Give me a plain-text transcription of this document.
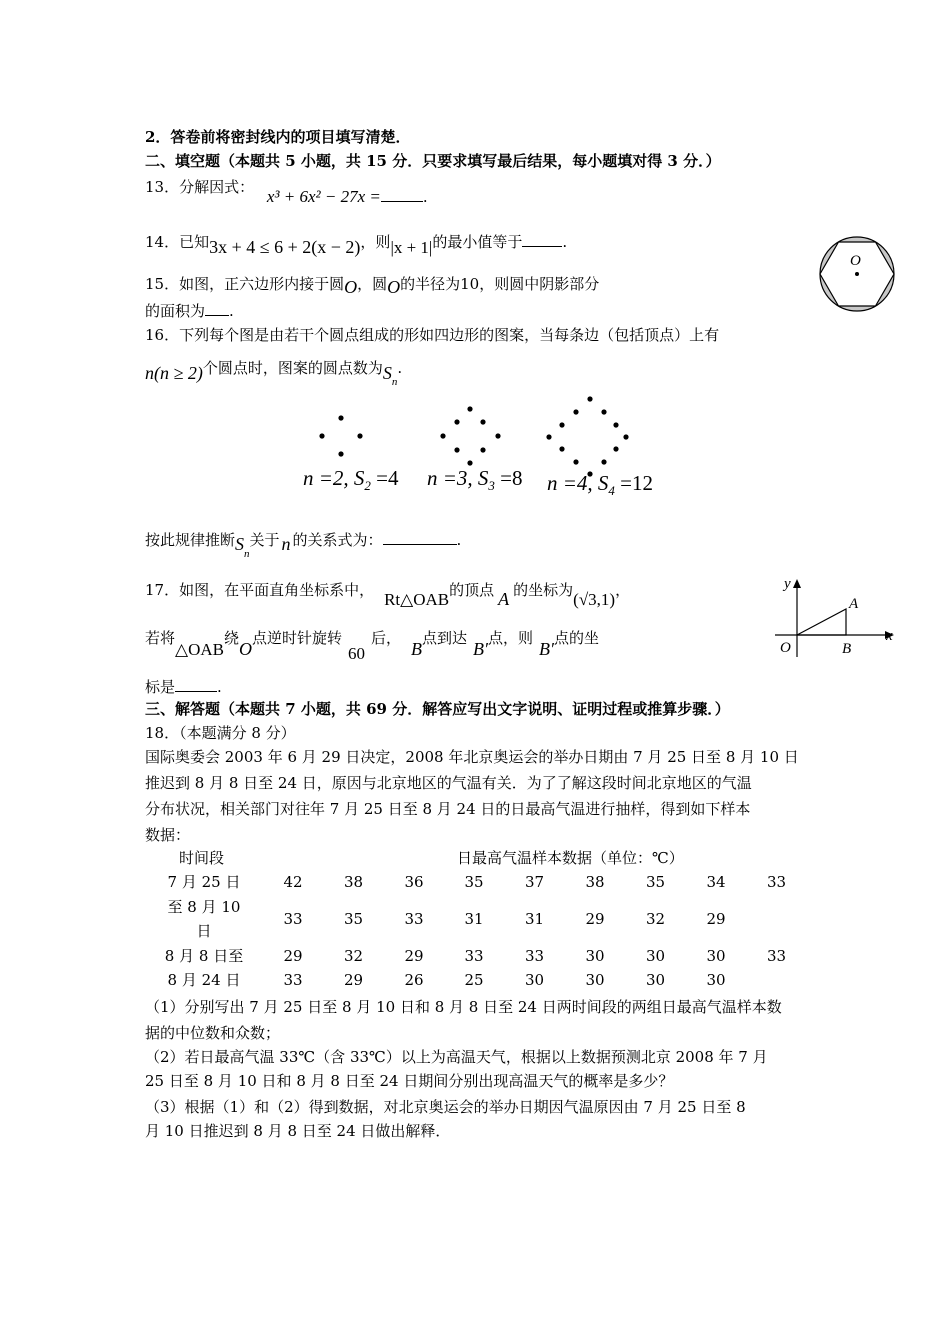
2．答卷前将密封线内的项目填写清楚．
二、填空题（本题共 5 小题，共 15 分．只要求填写最后结果，每小题填对得 3 分．）
13．分解因式： x³ + 6x² − 27x =	.
14．已知3x + 4 ≤ 6 + 2(x − 2)，则|x + 1|的最小值等于	.
15．如图，正六边形内接于圆O，圆O的半径为10，则圆中阴影部分
的面积为 .
O
16．下列每个图是由若干个圆点组成的形如四边形的图案，当每条边（包括顶点）上有
n(n ≥ 2)个圆点时，图案的圆点数为$S_n$.
n =2, $S_2 =4$ n =3, $S_3 =8$ n =4, $S_4 =12$
按此规律推断$S_n$关于 n 的关系式为：	.
17．如图，在平面直角坐标系中， Rt△OAB的顶点 A 的坐标为(√3,1)，
若将△OAB绕O点逆时针旋转60后，B点到达B′点，则B′点的坐
标是	.
y
x
O
A
B
三、解答题（本题共 7 小题，共 69 分．解答应写出文字说明、证明过程或推算步骤．）
18．（本题满分 8 分）
国际奥委会 2003 年 6 月 29 日决定，2008 年北京奥运会的举办日期由 7 月 25 日至 8 月 10 日
推迟到 8 月 8 日至 24 日，原因与北京地区的气温有关．为了了解这段时间北京地区的气温
分布状况，相关部门对往年 7 月 25 日至 8 月 24 日的日最高气温进行抽样，得到如下样本
数据：
时间段	日最高气温样本数据（单位：℃）								
7 月 25 日	42	38	36	35	37	38	35	34	33
至 8 月 10
日	33	35	33	31	31	29	32	29	
8 月 8 日至	29	32	29	33	33	30	30	30	33
8 月 24 日	33	29	26	25	30	30	30	30	
（1）分别写出 7 月 25 日至 8 月 10 日和 8 月 8 日至 24 日两时间段的两组日最高气温样本数
据的中位数和众数；
（2）若日最高气温 33℃（含 33℃）以上为高温天气，根据以上数据预测北京 2008 年 7 月
25 日至 8 月 10 日和 8 月 8 日至 24 日期间分别出现高温天气的概率是多少？
（3）根据（1）和（2）得到数据，对北京奥运会的举办日期因气温原因由 7 月 25 日至 8
月 10 日推迟到 8 月 8 日至 24 日做出解释．
